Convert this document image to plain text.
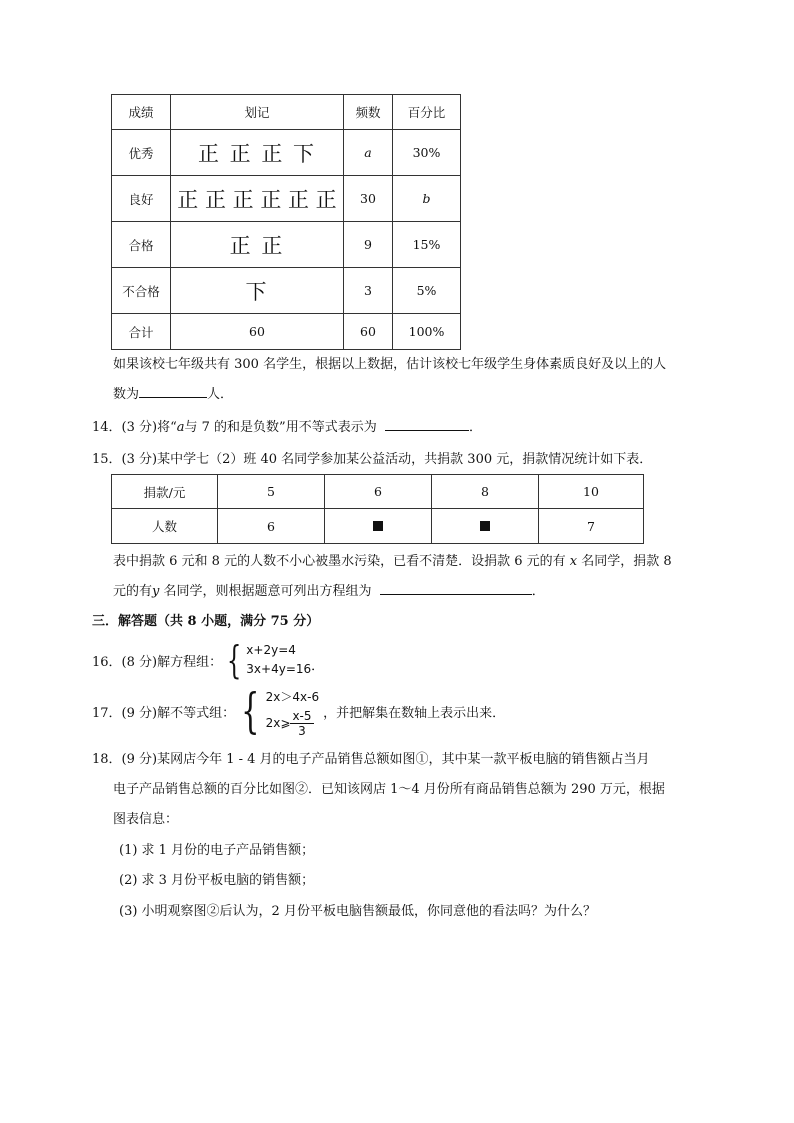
成绩	划记	频数	百分比
优秀	正 正 正 下	a	30%
良好	正 正 正 正 正 正	30	b
合格	正 正	9	15%
不合格	下	3	5%
合计	60	60	100%
如果该校七年级共有 300 名学生，根据以上数据，估计该校七年级学生身体素质良好及以上的人
数为	人．
14．(3 分)将“a与 7 的和是负数”用不等式表示为	．
15．(3 分)某中学七（2）班 40 名同学参加某公益活动，共捐款 300 元，捐款情况统计如下表．
捐款/元	5	6	8	10
人数	6			7
表中捐款 6 元和 8 元的人数不小心被墨水污染，已看不清楚．设捐款 6 元的有 x 名同学，捐款 8
元的有y 名同学，则根据题意可列出方程组为	．
三．解答题（共 8 小题，满分 75 分）
16．(8 分) 解方程组： { x+2y=4
3x+4y=16 ．
17．(9 分) 解不等式组： { 2x＞4x-6
2x⩾ $\frac{x-5}{3}$ ，并把解集在数轴上表示出来．
18．(9 分)某网店今年 1 - 4 月的电子产品销售总额如图①，其中某一款平板电脑的销售额占当月
电子产品销售总额的百分比如图②．已知该网店 1～4 月份所有商品销售总额为 290 万元，根据
图表信息：
(1) 求 1 月份的电子产品销售额；
(2) 求 3 月份平板电脑的销售额；
(3) 小明观察图②后认为，2 月份平板电脑售额最低，你同意他的看法吗？为什么？
